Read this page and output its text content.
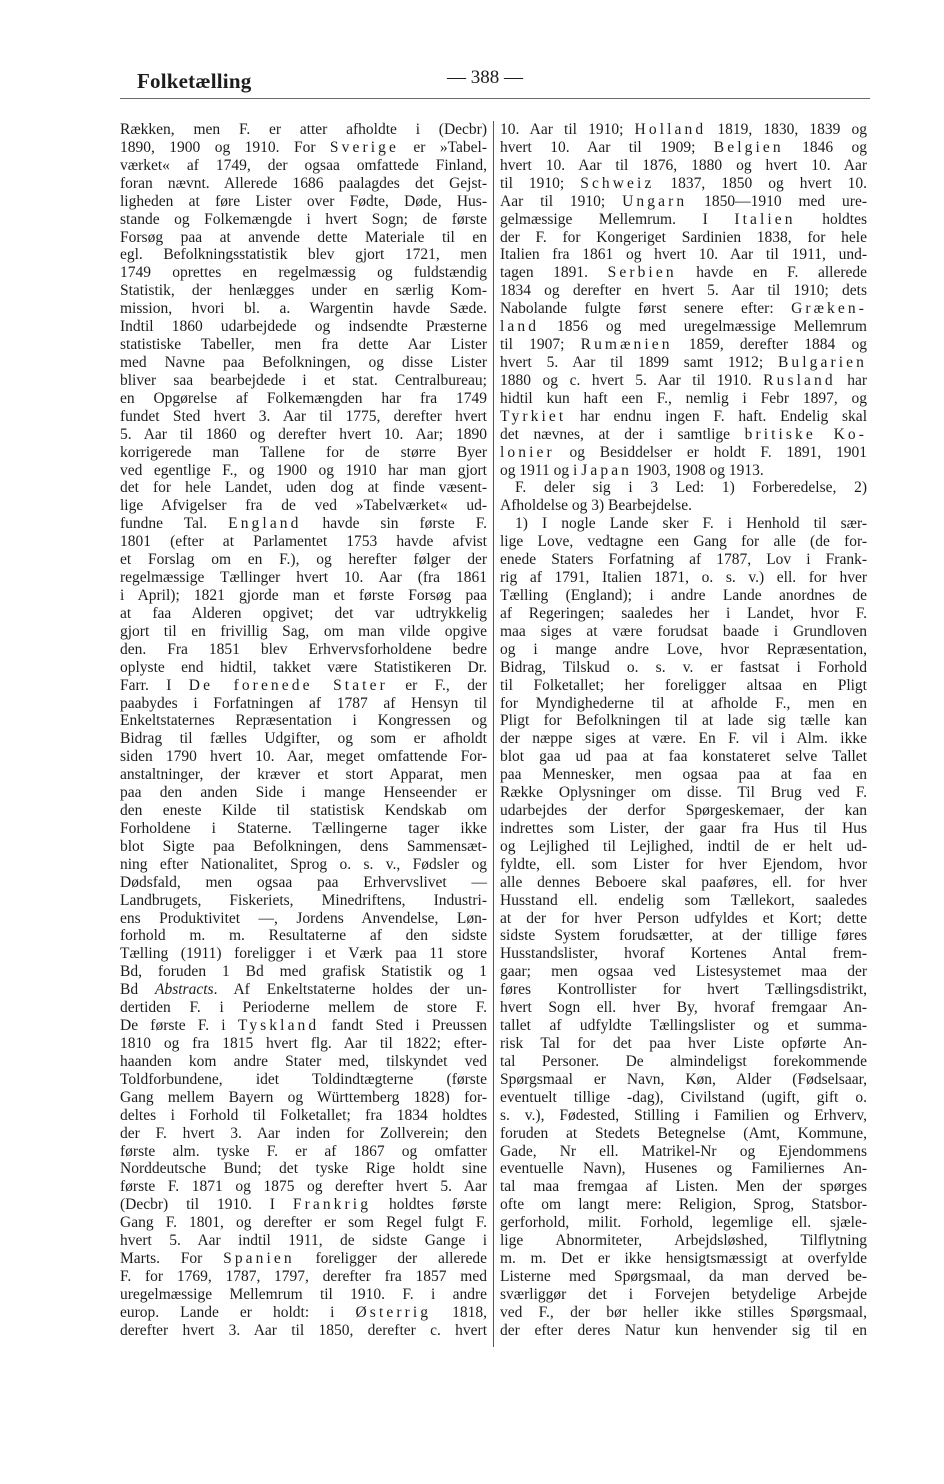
Folketælling	— 388 —
Rækken, men F. er atter afholdte i (Decbr)
1890, 1900 og 1910. For Sverige er »Tabel-
værket« af 1749, der ogsaa omfattede Finland,
foran nævnt. Allerede 1686 paalagdes det Gejst-
ligheden at føre Lister over Fødte, Døde, Hus-
stande og Folkemængde i hvert Sogn; de første
Forsøg paa at anvende dette Materiale til en
egl. Befolkningsstatistik blev gjort 1721, men
1749 oprettes en regelmæssig og fuldstændig
Statistik, der henlægges under en særlig Kom-
mission, hvori bl. a. Wargentin havde Sæde.
Indtil 1860 udarbejdede og indsendte Præsterne
statistiske Tabeller, men fra dette Aar Lister
med Navne paa Befolkningen, og disse Lister
bliver saa bearbejdede i et stat. Centralbureau;
en Opgørelse af Folkemængden har fra 1749
fundet Sted hvert 3. Aar til 1775, derefter hvert
5. Aar til 1860 og derefter hvert 10. Aar; 1890
korrigerede man Tallene for de større Byer
ved egentlige F., og 1900 og 1910 har man gjort
det for hele Landet, uden dog at finde væsent-
lige Afvigelser fra de ved »Tabelværket« ud-
fundne Tal. England havde sin første F.
1801 (efter at Parlamentet 1753 havde afvist
et Forslag om en F.), og herefter følger der
regelmæssige Tællinger hvert 10. Aar (fra 1861
i April); 1821 gjorde man et første Forsøg paa
at faa Alderen opgivet; det var udtrykkelig
gjort til en frivillig Sag, om man vilde opgive
den. Fra 1851 blev Erhvervsforholdene bedre
oplyste end hidtil, takket være Statistikeren Dr.
Farr. I De forenede Stater er F., der
paabydes i Forfatningen af 1787 af Hensyn til
Enkeltstaternes Repræsentation i Kongressen og
Bidrag til fælles Udgifter, og som er afholdt
siden 1790 hvert 10. Aar, meget omfattende For-
anstaltninger, der kræver et stort Apparat, men
paa den anden Side i mange Henseender er
den eneste Kilde til statistisk Kendskab om
Forholdene i Staterne. Tællingerne tager ikke
blot Sigte paa Befolkningen, dens Sammensæt-
ning efter Nationalitet, Sprog o. s. v., Fødsler og
Dødsfald, men ogsaa paa Erhvervslivet —
Landbrugets, Fiskeriets, Minedriftens, Industri-
ens Produktivitet —, Jordens Anvendelse, Løn-
forhold m. m. Resultaterne af den sidste
Tælling (1911) foreligger i et Værk paa 11 store
Bd, foruden 1 Bd med grafisk Statistik og 1
Bd Abstracts. Af Enkeltstaterne holdes der un-
dertiden F. i Perioderne mellem de store F.
De første F. i Tyskland fandt Sted i Preussen
1810 og fra 1815 hvert flg. Aar til 1822; efter-
haanden kom andre Stater med, tilskyndet ved
Toldforbundene, idet Toldindtægterne (første
Gang mellem Bayern og Württemberg 1828) for-
deltes i Forhold til Folketallet; fra 1834 holdtes
der F. hvert 3. Aar inden for Zollverein; den
første alm. tyske F. er af 1867 og omfatter
Norddeutsche Bund; det tyske Rige holdt sine
første F. 1871 og 1875 og derefter hvert 5. Aar
(Decbr) til 1910. I Frankrig holdtes første
Gang F. 1801, og derefter er som Regel fulgt F.
hvert 5. Aar indtil 1911, de sidste Gange i
Marts. For Spanien foreligger der allerede
F. for 1769, 1787, 1797, derefter fra 1857 med
uregelmæssige Mellemrum til 1910. F. i andre
europ. Lande er holdt: i Østerrig 1818,
derefter hvert 3. Aar til 1850, derefter c. hvert
10. Aar til 1910; Holland 1819, 1830, 1839 og
hvert 10. Aar til 1909; Belgien 1846 og
hvert 10. Aar til 1876, 1880 og hvert 10. Aar
til 1910; Schweiz 1837, 1850 og hvert 10.
Aar til 1910; Ungarn 1850—1910 med ure-
gelmæssige Mellemrum. I Italien holdtes
der F. for Kongeriget Sardinien 1838, for hele
Italien fra 1861 og hvert 10. Aar til 1911, und-
tagen 1891. Serbien havde en F. allerede
1834 og derefter en hvert 5. Aar til 1910; dets
Nabolande fulgte først senere efter: Græken-
land 1856 og med uregelmæssige Mellemrum
til 1907; Rumænien 1859, derefter 1884 og
hvert 5. Aar til 1899 samt 1912; Bulgarien
1880 og c. hvert 5. Aar til 1910. Rusland har
hidtil kun haft een F., nemlig i Febr 1897, og
Tyrkiet har endnu ingen F. haft. Endelig skal
det nævnes, at der i samtlige britiske Ko-
lonier og Besiddelser er holdt F. 1891, 1901
og 1911 og i Japan 1903, 1908 og 1913.
F. deler sig i 3 Led: 1) Forberedelse, 2)
Afholdelse og 3) Bearbejdelse.
1) I nogle Lande sker F. i Henhold til sær-
lige Love, vedtagne een Gang for alle (de for-
enede Staters Forfatning af 1787, Lov i Frank-
rig af 1791, Italien 1871, o. s. v.) ell. for hver
Tælling (England); i andre Lande anordnes de
af Regeringen; saaledes her i Landet, hvor F.
maa siges at være forudsat baade i Grundloven
og i mange andre Love, hvor Repræsentation,
Bidrag, Tilskud o. s. v. er fastsat i Forhold
til Folketallet; her foreligger altsaa en Pligt
for Myndighederne til at afholde F., men en
Pligt for Befolkningen til at lade sig tælle kan
der næppe siges at være. En F. vil i Alm. ikke
blot gaa ud paa at faa konstateret selve Tallet
paa Mennesker, men ogsaa paa at faa en
Række Oplysninger om disse. Til Brug ved F.
udarbejdes der derfor Spørgeskemaer, der kan
indrettes som Lister, der gaar fra Hus til Hus
og Lejlighed til Lejlighed, indtil de er helt ud-
fyldte, ell. som Lister for hver Ejendom, hvor
alle dennes Beboere skal paaføres, ell. for hver
Husstand ell. endelig som Tællekort, saaledes
at der for hver Person udfyldes et Kort; dette
sidste System forudsætter, at der tillige føres
Husstandslister, hvoraf Kortenes Antal frem-
gaar; men ogsaa ved Listesystemet maa der
føres Kontrollister for hvert Tællingsdistrikt,
hvert Sogn ell. hver By, hvoraf fremgaar An-
tallet af udfyldte Tællingslister og et summa-
risk Tal for det paa hver Liste opførte An-
tal Personer. De almindeligst forekommende
Spørgsmaal er Navn, Køn, Alder (Fødselsaar,
eventuelt tillige -dag), Civilstand (ugift, gift o.
s. v.), Fødested, Stilling i Familien og Erhverv,
foruden at Stedets Betegnelse (Amt, Kommune,
Gade, Nr ell. Matrikel-Nr og Ejendommens
eventuelle Navn), Husenes og Familiernes An-
tal maa fremgaa af Listen. Men der spørges
ofte om langt mere: Religion, Sprog, Statsbor-
gerforhold, milit. Forhold, legemlige ell. sjæle-
lige Abnormiteter, Arbejdsløshed, Tilflytning
m. m. Det er ikke hensigtsmæssigt at overfylde
Listerne med Spørgsmaal, da man derved be-
sværliggør det i Forvejen betydelige Arbejde
ved F., der bør heller ikke stilles Spørgsmaal,
der efter deres Natur kun henvender sig til en
